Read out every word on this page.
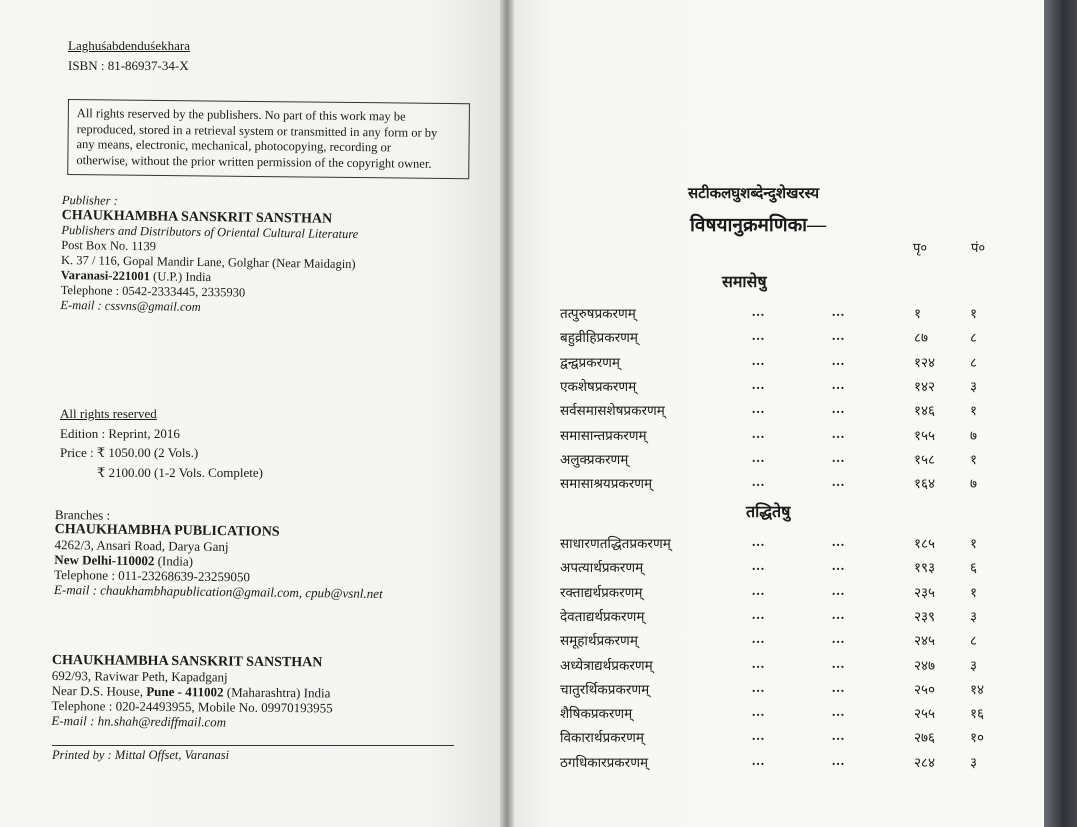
Laghuśabdenduśekhara
ISBN : 81-86937-34-X
All rights reserved by the publishers. No part of this work may be
reproduced, stored in a retrieval system or transmitted in any form or by
any means, electronic, mechanical, photocopying, recording or
otherwise, without the prior written permission of the copyright owner.
Publisher :
CHAUKHAMBHA SANSKRIT SANSTHAN
Publishers and Distributors of Oriental Cultural Literature
Post Box No. 1139
K. 37 / 116, Gopal Mandir Lane, Golghar (Near Maidagin)
Varanasi-221001 (U.P.) India
Telephone : 0542-2333445, 2335930
E-mail : cssvns@gmail.com
All rights reserved
Edition : Reprint, 2016
Price : ₹ 1050.00 (2 Vols.)
₹ 2100.00 (1-2 Vols. Complete)
Branches :
CHAUKHAMBHA PUBLICATIONS
4262/3, Ansari Road, Darya Ganj
New Delhi-110002 (India)
Telephone : 011-23268639-23259050
E-mail : chaukhambhapublication@gmail.com, cpub@vsnl.net
CHAUKHAMBHA SANSKRIT SANSTHAN
692/93, Raviwar Peth, Kapadganj
Near D.S. House, Pune - 411002 (Maharashtra) India
Telephone : 020-24493955, Mobile No. 09970193955
E-mail : hn.shah@rediffmail.com
Printed by : Mittal Offset, Varanasi
सटीकलघुशब्देन्दुशेखरस्य
विषयानुक्रमणिका—
पृ०	पं०
समासेषु
तत्पुरुषप्रकरणम्	...	...	१	१
बहुव्रीहिप्रकरणम्	...	...	८७	८
द्वन्द्वप्रकरणम्	...	...	१२४	८
एकशेषप्रकरणम्	...	...	१४२	३
सर्वसमासशेषप्रकरणम्	...	...	१४६	१
समासान्तप्रकरणम्	...	...	१५५	७
अलुक्प्रकरणम्	...	...	१५८	१
समासाश्रयप्रकरणम्	...	...	१६४	७
तद्धितेषु
साधारणतद्धितप्रकरणम्	...	...	१८५	१
अपत्यार्थप्रकरणम्	...	...	१९३	६
रक्ताद्यर्थप्रकरणम्	...	...	२३५	१
देवताद्यर्थप्रकरणम्	...	...	२३९	३
समूहार्थप्रकरणम्	...	...	२४५	८
अध्येत्राद्यर्थप्रकरणम्	...	...	२४७	३
चातुरर्थिकप्रकरणम्	...	...	२५०	१४
शैषिकप्रकरणम्	...	...	२५५	१६
विकारार्थप्रकरणम्	...	...	२७६	१०
ठगधिकारप्रकरणम्	...	...	२८४	३
